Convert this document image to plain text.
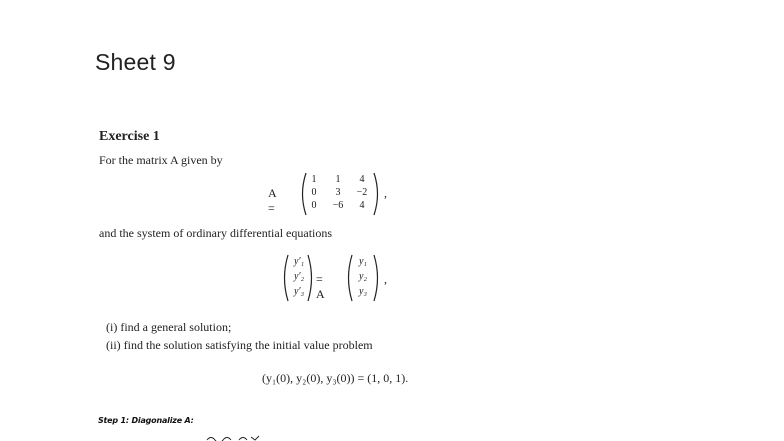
Sheet 9
Exercise 1
For the matrix A given by
A =
1	1	4
0	3	−2
0	−6	4
,
and the system of ordinary differential equations
y′₁
y′₂
y′₃
= A
y₁
y₂
y₃
,
(i) find a general solution;
(ii) find the solution satisfying the initial value problem
(y₁(0), y₂(0), y₃(0)) = (1, 0, 1).
Step 1: Diagonalize A:
